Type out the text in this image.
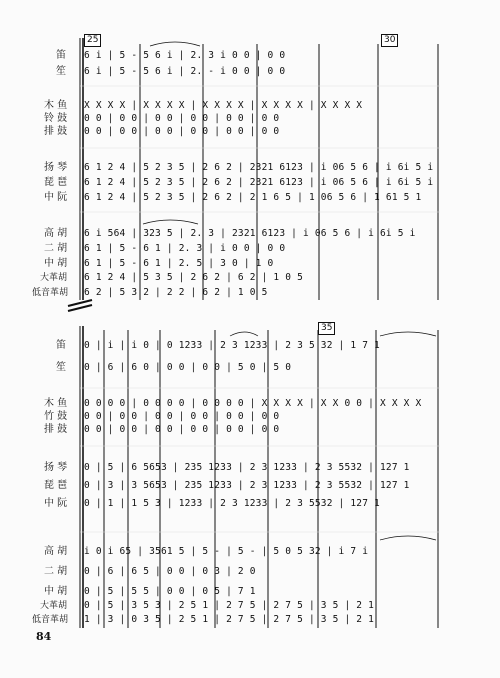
25	30
35
笛
笙
木 鱼
铃 鼓
排 鼓
扬 琴
琵 琶
中 阮
高 胡
二 胡
中 胡
大革胡
低音革胡
6 i | 5 - 5 6 i | 2. 3 i 0 0 | 0 0
6 i | 5 - 5 6 i | 2. - i 0 0 | 0 0
X X X X | X X X X | X X X X | X X X X | X X X X
0 0 | 0 0 | 0 0 | 0 0 | 0 0 | 0 0
0 0 | 0 0 | 0 0 | 0 0 | 0 0 | 0 0
6 1 2 4 | 5 2 3 5 | 2 6 2 | 2321 6123 | i 06 5 6 | i 6i 5 i
6 1 2 4 | 5 2 3 5 | 2 6 2 | 2321 6123 | i 06 5 6 | i 6i 5 i
6 1 2 4 | 5 2 3 5 | 2 6 2 | 2 1 6 5 | 1 06 5 6 | 1 61 5 1
6 i 564 | 323 5 | 2. 3 | 2321 6123 | i 06 5 6 | i 6i 5 i
6 1 | 5 - 6 1 | 2. 3 | i 0 0 | 0 0
6 1 | 5 - 6 1 | 2. 5 | 3 0 | 1 0
6 1 2 4 | 5 3 5 | 2 6 2 | 6 2 | 1 0 5
6 2 | 5 3 2 | 2 2 | 6 2 | 1 0 5
笛
笙
木 鱼
竹 鼓
排 鼓
扬 琴
琵 琶
中 阮
高 胡
二 胡
中 胡
大革胡
低音革胡
0 | i | i 0 | 0 1233 | 2 3 1233 | 2 3 5 32 | 1 7 1
0 | 6 | 6 0 | 0 0 | 0 0 | 5 0 | 5 0
0 0 0 0 | 0 0 0 0 | 0 0 0 0 | X X X X | X X 0 0 | X X X X
0 0 | 0 0 | 0 0 | 0 0 | 0 0 | 0 0
0 0 | 0 0 | 0 0 | 0 0 | 0 0 | 0 0
0 | 5 | 6 5653 | 235 1233 | 2 3 1233 | 2 3 5532 | 127 1
0 | 3 | 3 5653 | 235 1233 | 2 3 1233 | 2 3 5532 | 127 1
0 | 1 | 1 5 3 | 1233 | 2 3 1233 | 2 3 5532 | 127 1
i 0 i 65 | 3561 5 | 5 - | 5 - | 5 0 5 32 | i 7 i
0 | 6 | 6 5 | 0 0 | 0 3 | 2 0
0 | 5 | 5 5 | 0 0 | 0 5 | 7 1
0 | 5 | 3 5 3 | 2 5 1 | 2 7 5 | 2 7 5 | 3 5 | 2 1
1 | 3 | 0 3 5 | 2 5 1 | 2 7 5 | 2 7 5 | 3 5 | 2 1
84
